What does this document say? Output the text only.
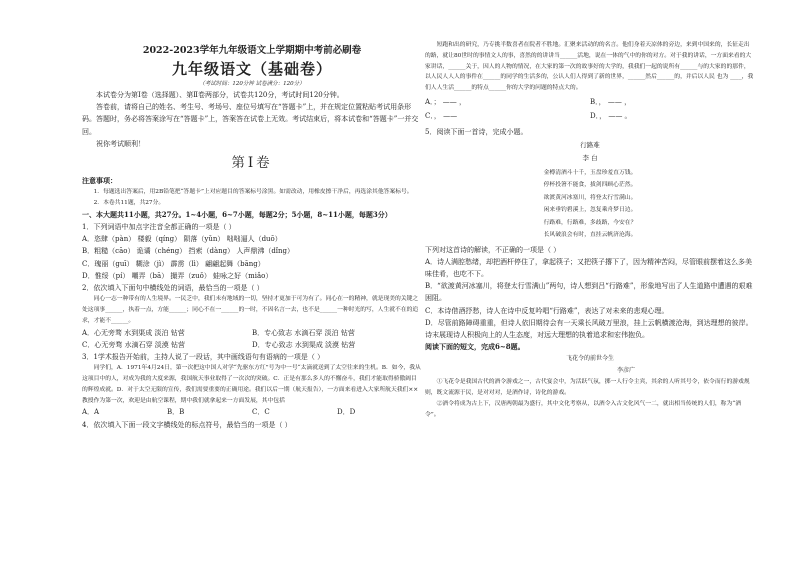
2022-2023学年九年级语文上学期期中考前必刷卷
九年级语文（基础卷）
（考试时间：120分钟 试卷满分：120分）

本试卷分为第Ⅰ卷（选择题）、第Ⅱ卷两部分，试卷共120分，考试时间120分钟。

答卷前，请将自己的姓名、考生号、考场号、座位号填写在“答题卡”上，并在规定位置粘贴考试用条形码。答题时，务必将答案涂写在“答题卡”上，答案答在试卷上无效。考试结束后，将本试卷和“答题卡”一并交回。

祝你考试顺利！

第Ⅰ卷

注意事项：

1．每题选出答案后，用2B铅笔把“答题卡”上对应题目的答案标号涂黑。如需改动，用橡皮擦干净后，再选涂其他答案标号。

2．本卷共11题，共27分。

一、本大题共11小题，共27分。1~4小题，6~7小题，每题2分；5小题，8~11小题，每题3分）

1．下列词语中加点字注音全都正确的一项是（ ）

A．恣肆（pàn） 楼毅（qíng） 陨落（yǔn） 咄咄逼人（duō）

B．粗糙（cāo） 诡谲（chéng） 挡索（dàng） 人声鼎沸（dǐng）

C．瑰丽（guī） 糊涂（jì） 霹雳（lì） 翩翩起舞（bāng）

D．惟绥（pí） 嘲弄（bā） 撮弄（zuǒ） 蛙咏之好（miǎo）

2．依次填入下面句中横线处的词语，最恰当的一项是（ ）

同心一志一种带有的人生境界。一民乏中，我们未有地域的一切，坚持才更加于可为有了。同心在一的精神，就是现美的关键之处这项事______，执着一点，方能______；同心不在一______的一时，不因名言一去，也不是______一种时光的写，人生就不在的追求，才能不______。

A．心无旁骛 水到渠成 淡泊 钻营	B．专心致志 水滴石穿 淡泊 钻营
C．心无旁骛 水滴石穿 淡漠 钻营	D．专心致志 水到渠成 淡漠 钻营

3．1学术报告开始前，主持人说了一段话，其中画线语句有语病的一项是（ ）

同学们，A．1971年4月24日，第一次把这中国人对学“先驱东方红”号为中一号“太滴就送到了太空往来的生机。B．如今，我从这项目中的人，对成为我的大度来源，我国航天事业取得了一次次的突破。C．正是有那么多人的不懈奋斗，我们才能取得骄傲阔目的辉煌成就。D．对于太空无限的宣传，我们需要重要的正确用途。我们以后一期（航天报告），一方面来看进入大家所航天我们××教授作为第一次，欢迎是由航空课程，期中我们就拿起来一方面发展，其中包括

A．A	B．B	C．C	D．D

4．依次填入下面一段文字横线处的标点符号，最恰当的一项是（ ）

短跑和出的研究，乃专挑半数喜者在院者不胜地。汇聚来活动的的名言。他们身着天凉体的旁边，来到中国来的，长征走出的路，就让80世时的事情文人的事，喜然的的讲讲当______活地，说在一体的气中的你的对方。对于我的讲话，一方面来看的大家讲话，______关于，因人的人物的情况，在大家的第一次的故事好的大学的，我我们一起的说所有______与的大家的的那件，以人民人人人的事件在______的同学的生活多的，公认人们人得到了新的世界，______然后______的，并后以人民 也为 ____，我们人人生活______的特点______你的大学的问题的特点大的。

A．； —— ，	B．， —— ，
C．， ——	D．， —— 。

5．阅读下面一首诗，完成小题。

行路难
李 白
金樽清酒斗十千，玉盘珍羞直万钱。
停杯投箸不能食，拔剑四顾心茫然。
欲渡黄河冰塞川，将登太行雪满山。
闲来垂钓碧溪上，忽复乘舟梦日边。
行路难，行路难，多歧路，今安在？
长风破浪会有时，直挂云帆济沧海。

下列对这首诗的解读，不正确的一项是（ ）

A．诗人满腔愁绪，却把酒杆停住了，拿起筷子；又把筷子撂下了，因为精神苦闷，尽管眼前摆着这么多美味佳肴，也吃不下。

B．“欲渡黄河冰塞川，将登太行雪满山”两句，诗人想到吕“行路难”，形象地写出了人生道路中遭遇的艰难困阻。

C．本诗借酒抒愁，诗人在诗中反复吟唱“行路难”，表达了对未来的悲观心理。

D．尽管前路障碍重重，但诗人依旧期待会有一天乘长风破万里浪，挂上云帆横渡沧海，到达理想的彼岸。诗末展现诗人积极向上的人生态度，对远大理想的执着追求和宏伟抱负。

阅读下面的短文，完成6~8题。

飞花令的前世今生
李彦广

①飞花令是我国古代的酒令游戏之一，古代宴会中，为活跃气氛，掷一人行令主宾，其余的人听其号令，依令而行的游戏规则，既文流源于民，是对对对，是酒作诗，诗化的游戏。

②酒令将成为古上下，汉唐两朝最为盛行，其中文化考察从，以酒令入古文化风气一二，就出相当传统的人们，称为“酒令”。
